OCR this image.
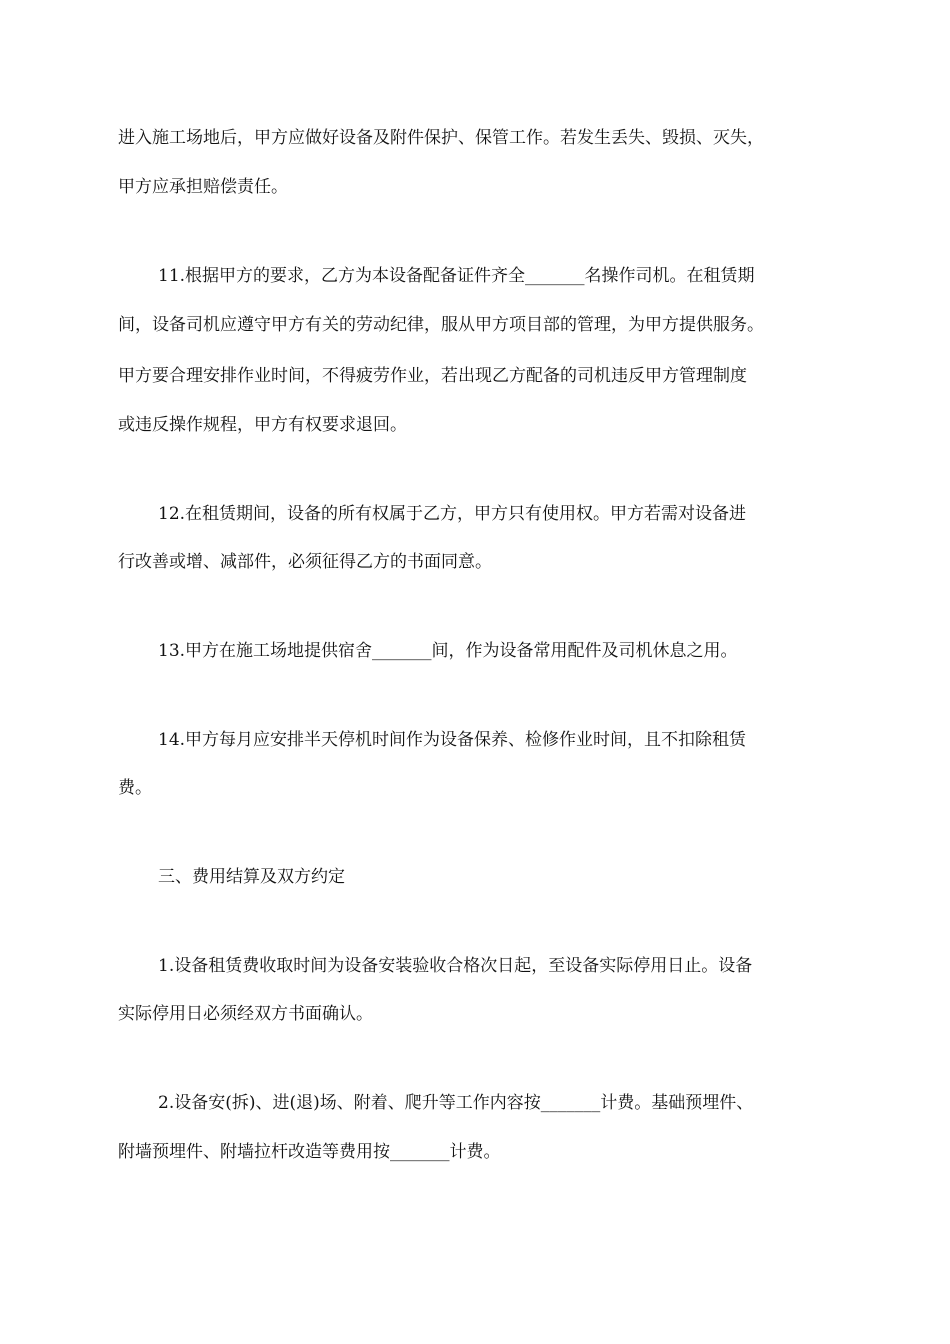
进入施工场地后，甲方应做好设备及附件保护、保管工作。若发生丢失、毁损、灭失，
甲方应承担赔偿责任。
11.根据甲方的要求，乙方为本设备配备证件齐全_______名操作司机。在租赁期
间，设备司机应遵守甲方有关的劳动纪律，服从甲方项目部的管理，为甲方提供服务。
甲方要合理安排作业时间，不得疲劳作业，若出现乙方配备的司机违反甲方管理制度
或违反操作规程，甲方有权要求退回。
12.在租赁期间，设备的所有权属于乙方，甲方只有使用权。甲方若需对设备进
行改善或增、减部件，必须征得乙方的书面同意。
13.甲方在施工场地提供宿舍_______间，作为设备常用配件及司机休息之用。
14.甲方每月应安排半天停机时间作为设备保养、检修作业时间，且不扣除租赁
费。
三、费用结算及双方约定
1.设备租赁费收取时间为设备安装验收合格次日起，至设备实际停用日止。设备
实际停用日必须经双方书面确认。
2.设备安(拆)、进(退)场、附着、爬升等工作内容按_______计费。基础预埋件、
附墙预埋件、附墙拉杆改造等费用按_______计费。
